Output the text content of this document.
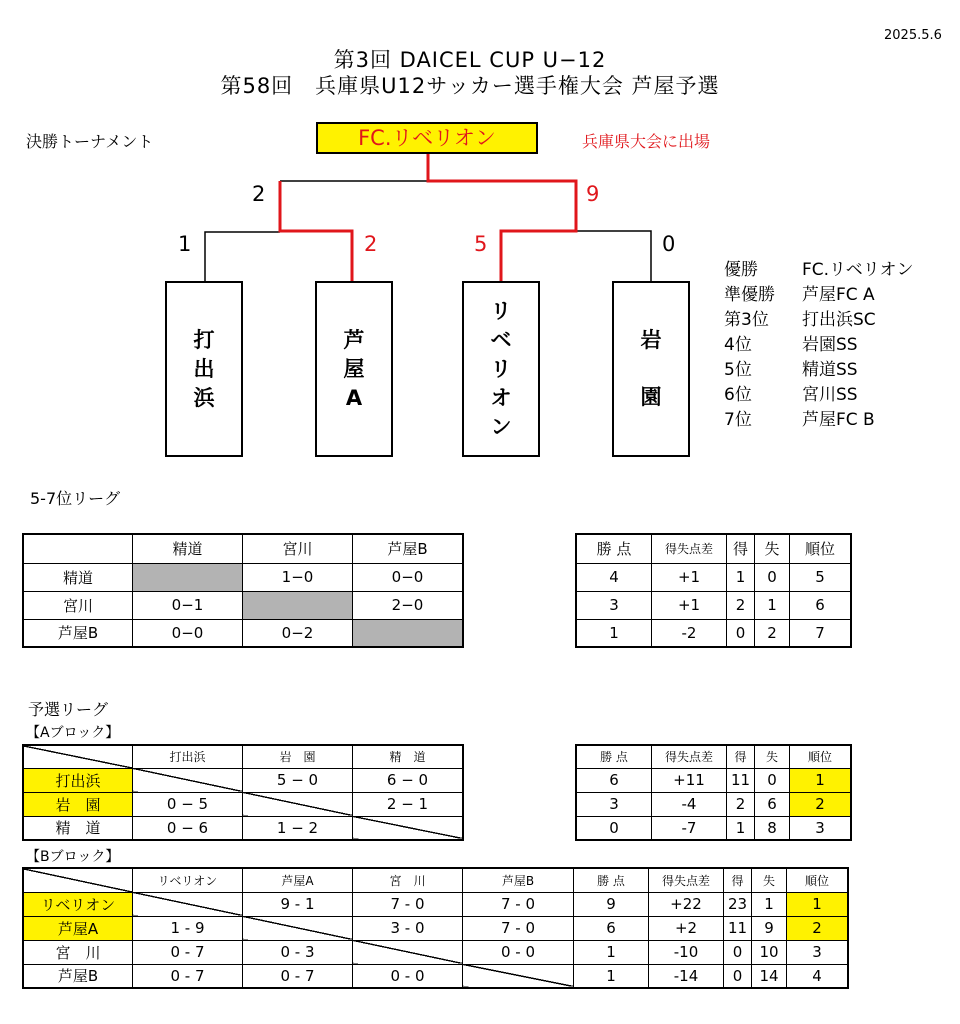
2025.5.6
第3回 DAICEL CUP U−12
第58回　兵庫県U12サッカー選手権大会 芦屋予選
決勝トーナメント	FC.リベリオン	兵庫県大会に出場
2	9
1	2	5	0
打
出
浜
芦
屋
A
リ
ベ
リ
オ
ン
岩
園
優勝	FC.リベリオン
準優勝	芦屋FC A
第3位	打出浜SC
4位	岩園SS
5位	精道SS
6位	宮川SS
7位	芦屋FC B
5-7位リーグ
	精道	宮川	芦屋B
精道		1−0	0−0
宮川	0−1		2−0
芦屋B	0−0	0−2	
勝 点	得失点差	得	失	順位
4	+1	1	0	5
3	+1	2	1	6
1	-2	0	2	7
予選リーグ
【Aブロック】
	打出浜	岩　園	精　道
打出浜		5 − 0	6 − 0
岩　園	0 − 5		2 − 1
精　道	0 − 6	1 − 2	
勝 点	得失点差	得	失	順位
6	+11	11	0	1
3	-4	2	6	2
0	-7	1	8	3
【Bブロック】
	リベリオン	芦屋A	宮　川	芦屋B	勝 点	得失点差	得	失	順位
リベリオン		9 - 1	7 - 0	7 - 0	9	+22	23	1	1
芦屋A	1 - 9		3 - 0	7 - 0	6	+2	11	9	2
宮　川	0 - 7	0 - 3		0 - 0	1	-10	0	10	3
芦屋B	0 - 7	0 - 7	0 - 0		1	-14	0	14	4
